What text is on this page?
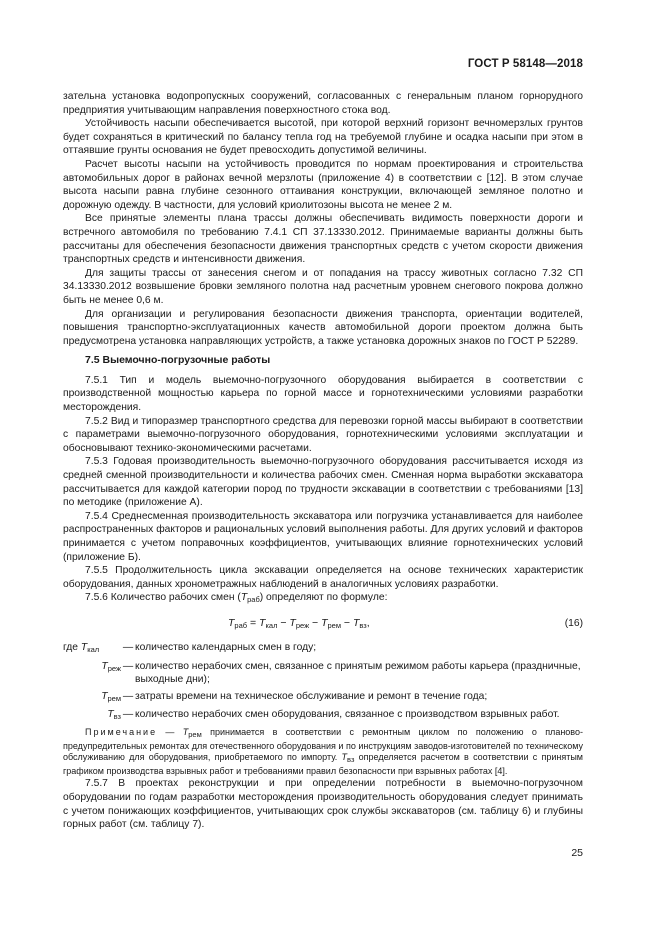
ГОСТ Р 58148—2018

зательна установка водопропускных сооружений, согласованных с генеральным планом горнорудного предприятия учитывающим направления поверхностного стока вод.

Устойчивость насыпи обеспечивается высотой, при которой верхний горизонт вечномерзлых грунтов будет сохраняться в критический по балансу тепла год на требуемой глубине и осадка насыпи при этом в оттаявшие грунты основания не будет превосходить допустимой величины.

Расчет высоты насыпи на устойчивость проводится по нормам проектирования и строительства автомобильных дорог в районах вечной мерзлоты (приложение 4) в соответствии с [12]. В этом случае высота насыпи равна глубине сезонного оттаивания конструкции, включающей земляное полотно и дорожную одежду. В частности, для условий криолитозоны высота не менее 2 м.

Все принятые элементы плана трассы должны обеспечивать видимость поверхности дороги и встречного автомобиля по требованию 7.4.1 СП 37.13330.2012. Принимаемые варианты должны быть рассчитаны для обеспечения безопасности движения транспортных средств с учетом скорости движения транспортных средств и интенсивности движения.

Для защиты трассы от занесения снегом и от попадания на трассу животных согласно 7.32 СП 34.13330.2012 возвышение бровки земляного полотна над расчетным уровнем снегового покрова должно быть не менее 0,6 м.

Для организации и регулирования безопасности движения транспорта, ориентации водителей, повышения транспортно-эксплуатационных качеств автомобильной дороги проектом должна быть предусмотрена установка направляющих устройств, а также установка дорожных знаков по ГОСТ Р 52289.

7.5 Выемочно-погрузочные работы

7.5.1 Тип и модель выемочно-погрузочного оборудования выбирается в соответствии с производственной мощностью карьера по горной массе и горнотехническими условиями разработки месторождения.

7.5.2 Вид и типоразмер транспортного средства для перевозки горной массы выбирают в соответствии с параметрами выемочно-погрузочного оборудования, горнотехническими условиями эксплуатации и обосновывают технико-экономическими расчетами.

7.5.3 Годовая производительность выемочно-погрузочного оборудования рассчитывается исходя из средней сменной производительности и количества рабочих смен. Сменная норма выработки экскаватора рассчитывается для каждой категории пород по трудности экскавации в соответствии с требованиями [13] по методике (приложение А).

7.5.4 Среднесменная производительность экскаватора или погрузчика устанавливается для наиболее распространенных факторов и рациональных условий выполнения работы. Для других условий и факторов принимается с учетом поправочных коэффициентов, учитывающих влияние горнотехнических условий (приложение Б).

7.5.5 Продолжительность цикла экскавации определяется на основе технических характеристик оборудования, данных хронометражных наблюдений в аналогичных условиях разработки.

7.5.6 Количество рабочих смен $(Т_{раб})$ определяют по формуле:

$Т_{раб} = Т_{кал} - Т_{реж} - Т_{рем} - Т_{вз}$,	(16)
где $Т_{кал}$	— количество календарных смен в году;
$Т_{реж}$ — количество нерабочих смен, связанное с принятым режимом работы карьера (праздничные, выходные дни);
$Т_{рем}$ — затраты времени на техническое обслуживание и ремонт в течение года;
$Т_{вз}$ — количество нерабочих смен оборудования, связанное с производством взрывных работ.

Примечание — $Т_{рем}$ принимается в соответствии с ремонтным циклом по положению о планово-предупредительных ремонтах для отечественного оборудования и по инструкциям заводов-изготовителей по техническому обслуживанию для оборудования, приобретаемого по импорту. $Т_{вз}$ определяется расчетом в соответствии с принятым графиком производства взрывных работ и требованиями правил безопасности при взрывных работах [4].

7.5.7 В проектах реконструкции и при определении потребности в выемочно-погрузочном оборудовании по годам разработки месторождения производительность оборудования следует принимать с учетом понижающих коэффициентов, учитывающих срок службы экскаваторов (см. таблицу 6) и глубины горных работ (см. таблицу 7).

25
